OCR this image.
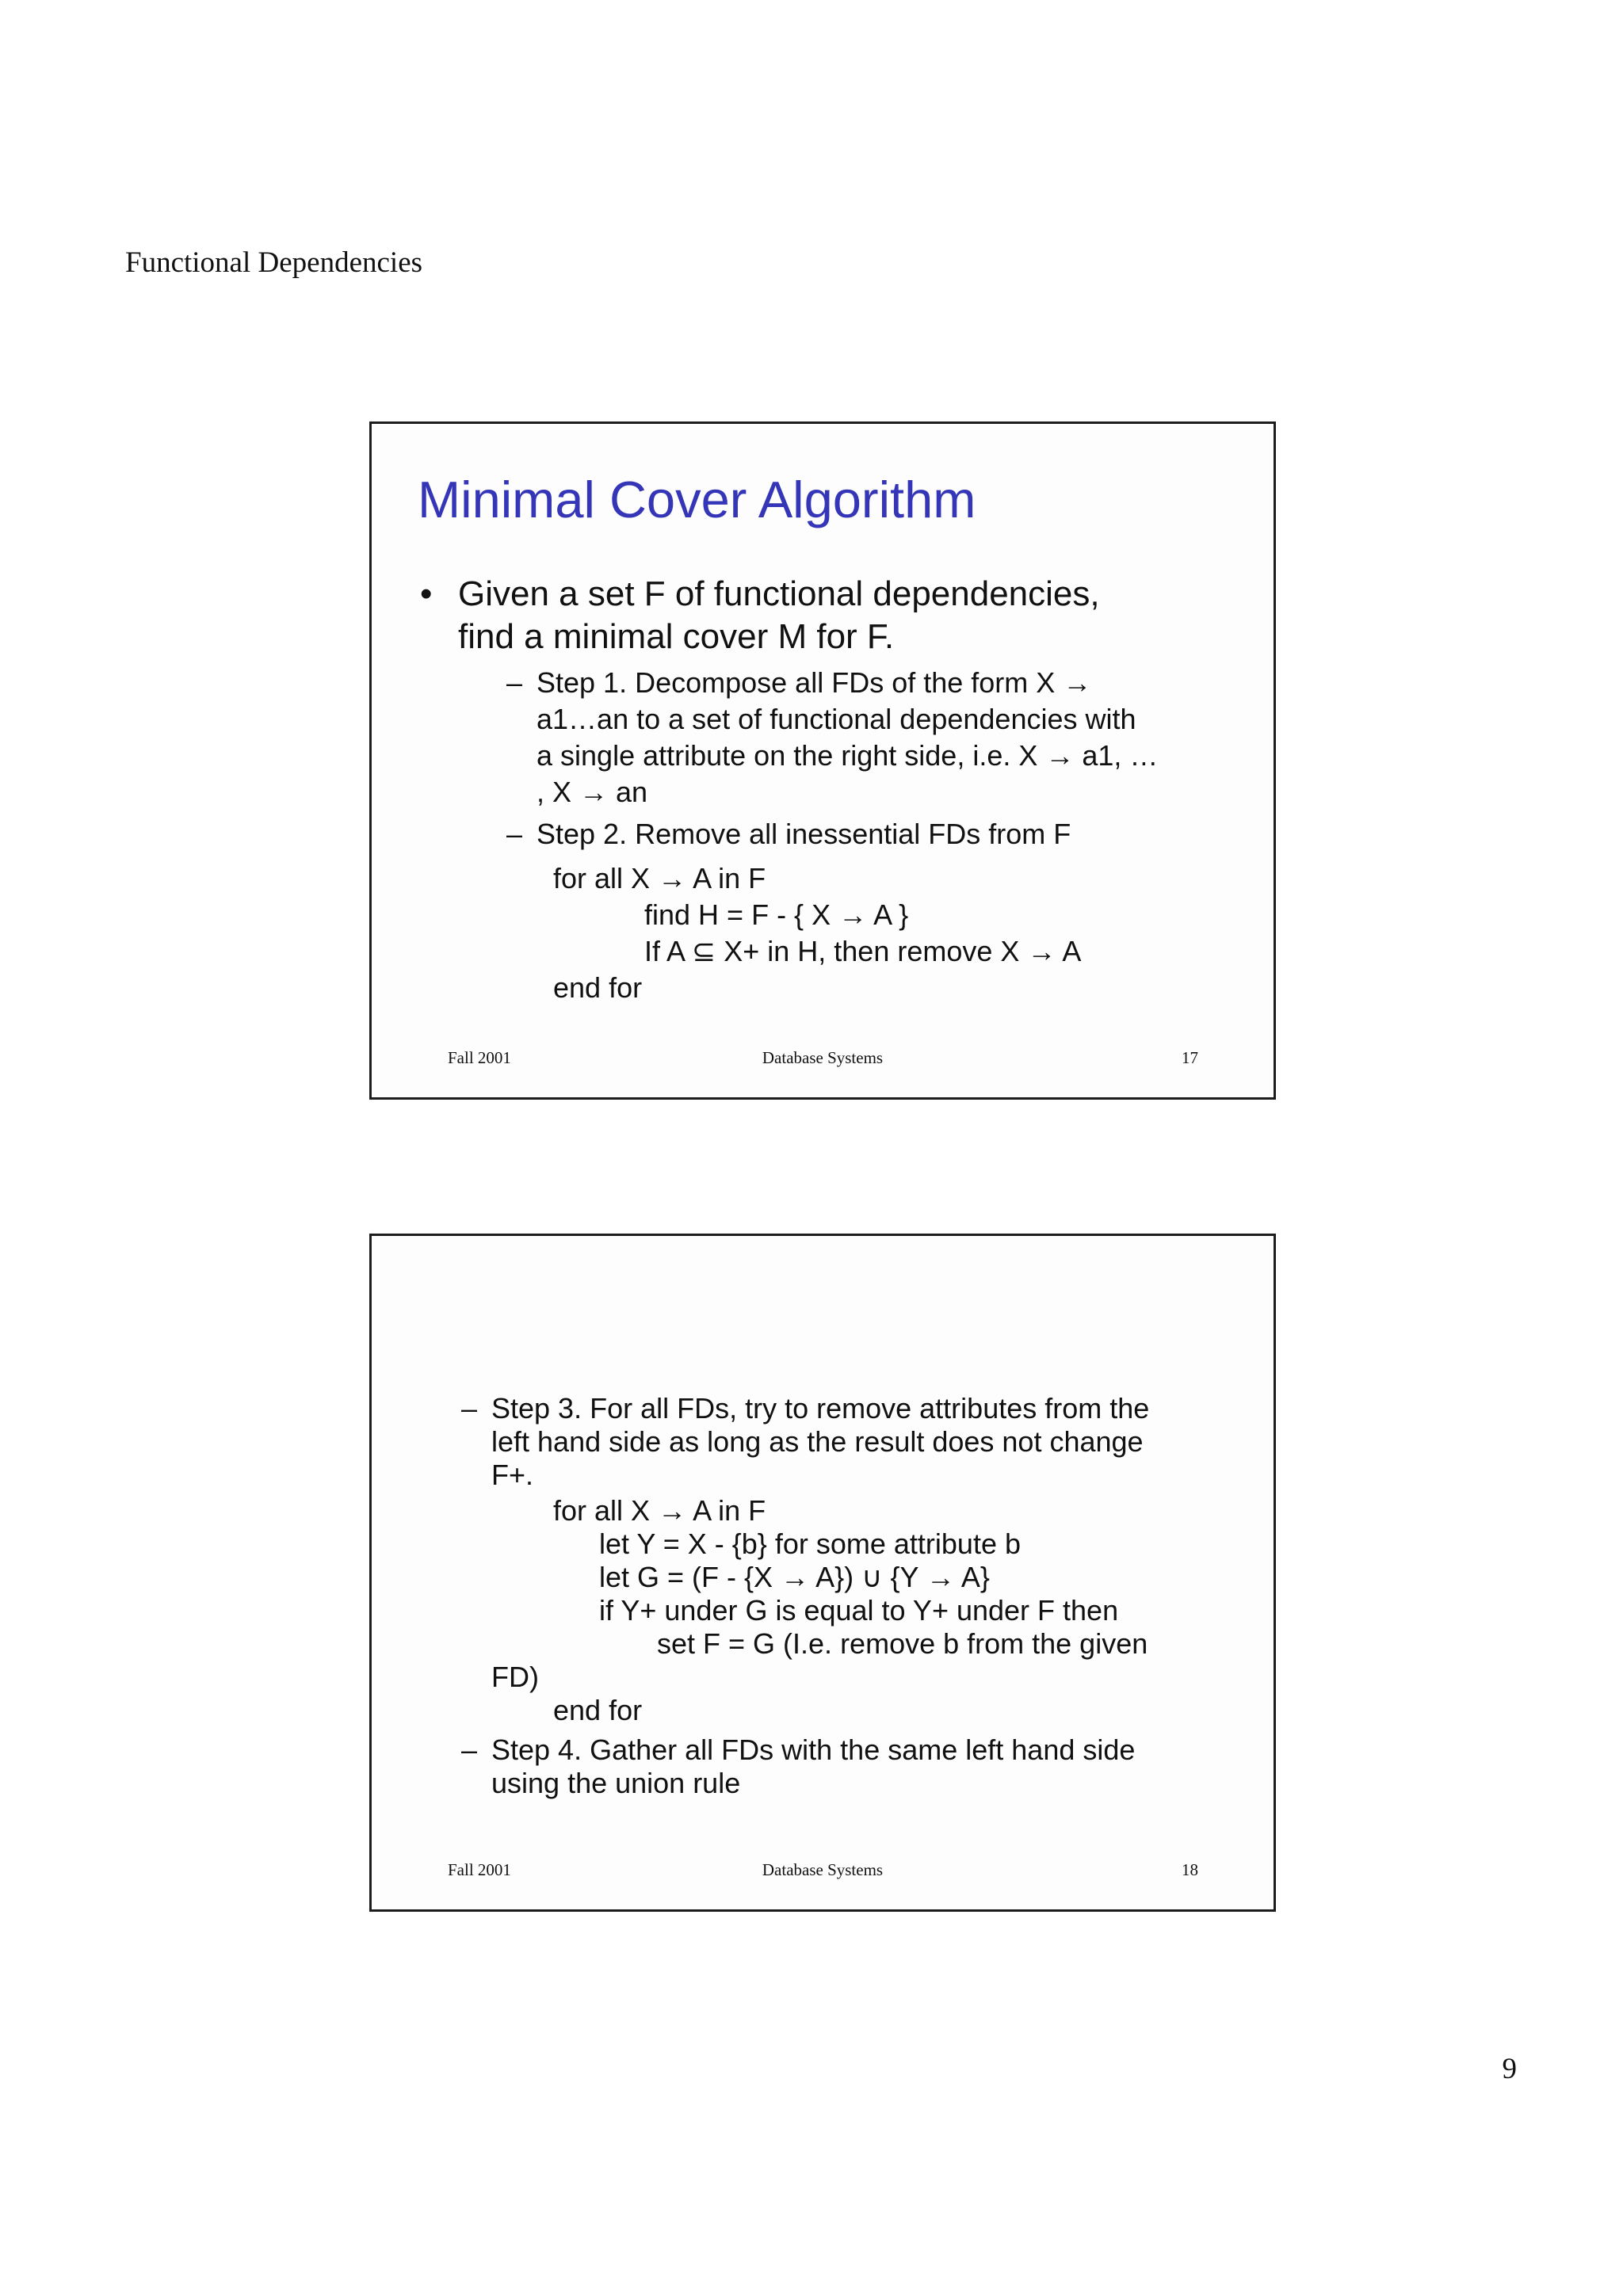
Functional Dependencies
Minimal Cover Algorithm
• Given a set F of functional dependencies,
find a minimal cover M for F.
– Step 1. Decompose all FDs of the form X →
a1…an to a set of functional dependencies with
a single attribute on the right side, i.e. X → a1, …
, X → an
– Step 2. Remove all inessential FDs from F
for all X → A in F
find H = F - { X → A }
If A ⊆ X+ in H, then remove X → A
end for
Fall 2001	Database Systems	17
– Step 3. For all FDs, try to remove attributes from the
left hand side as long as the result does not change
F+.
for all X → A in F
let Y = X - {b} for some attribute b
let G = (F - {X → A}) ∪ {Y → A}
if Y+ under G is equal to Y+ under F then
set F = G (I.e. remove b from the given
FD)
end for
– Step 4. Gather all FDs with the same left hand side
using the union rule
Fall 2001	Database Systems	18
9
